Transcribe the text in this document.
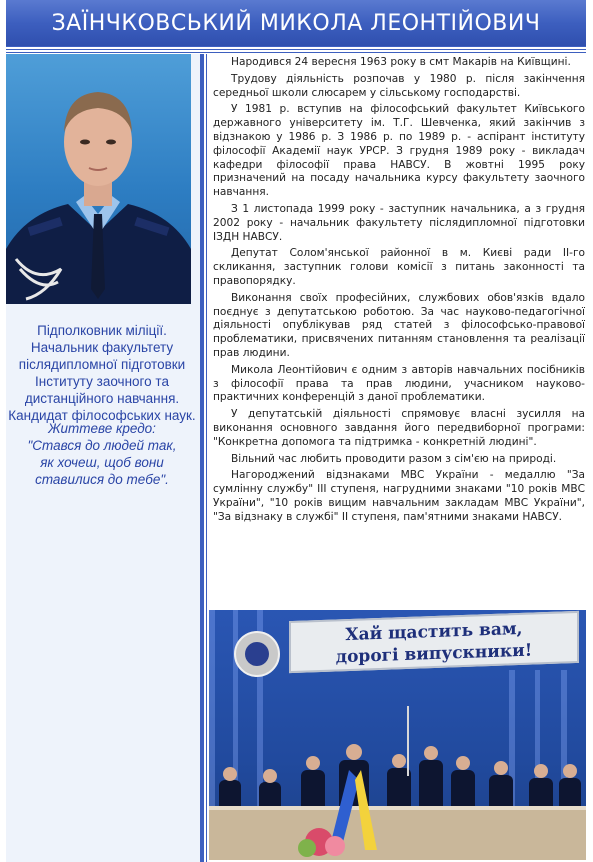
ЗАЇНЧКОВСЬКИЙ МИКОЛА ЛЕОНТІЙОВИЧ
Підполковник міліції.
Начальник факультету
післядипломної підготовки
Інституту заочного та
дистанційного навчання.
Кандидат філософських наук.
Життеве кредо:
"Стався до людей так,
як хочеш, щоб вони
ставилися до тебе".

Народився 24 вересня 1963 року в смт Макарів на Київщині.

Трудову діяльність розпочав у 1980 р. після закінчення середньої школи слюсарем у сільському господарстві.

У 1981 р. вступив на філософський факультет Київського державного університету ім. Т.Г. Шевченка, який закінчив з відзнакою у 1986 р. З 1986 р. по 1989 р. - аспірант інституту філософії Академії наук УРСР. З грудня 1989 року - викладач кафедри філософії права НАВСУ. В жовтні 1995 року призначений на посаду начальника курсу факультету заочного навчання.

З 1 листопада 1999 року - заступник начальника, а з грудня 2002 року - начальник факультету післядипломної підготовки ІЗДН НАВСУ.

Депутат Солом'янської районної в м. Києві ради ІІ-го скликання, заступник голови комісії з питань законності та правопорядку.

Виконання своїх професійних, службових обов'язків вдало поєднує з депутатською роботою. За час науково-педагогічної діяльності опублікував ряд статей з філософсько-правової проблематики, присвячених питанням становлення та реалізації прав людини.

Микола Леонтійович є одним з авторів навчальних посібників з філософії права та прав людини, учасником науково-практичних конференцій з даної проблематики.

У депутатській діяльності спрямовує власні зусилля на виконання основного завдання його передвиборної програми: "Конкретна допомога та підтримка - конкретній людині".

Вільний час любить проводити разом з сім'єю на природі.

Нагороджений відзнаками МВС України - медаллю "За сумлінну службу" ІІІ ступеня, нагрудними знаками "10 років МВС України", "10 років вищим навчальним закладам МВС України", "За відзнаку в службі" ІІ ступеня, пам'ятними знаками НАВСУ.

Хай щастить вам,
дорогі випускники!
